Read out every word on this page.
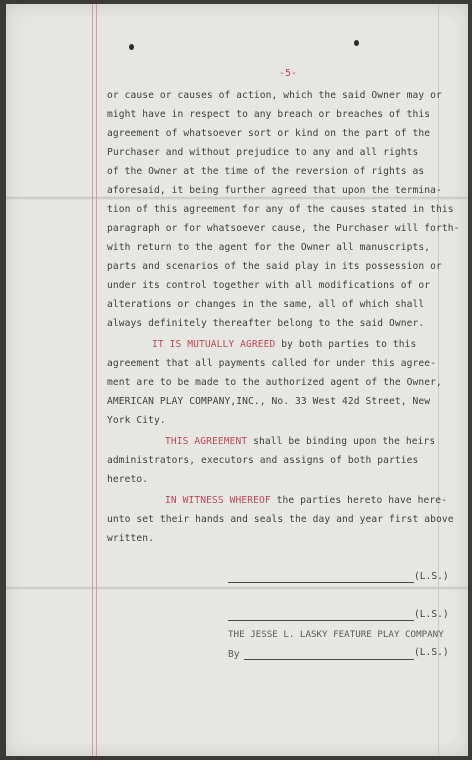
-5-
or cause or causes of action, which the said Owner may or
might have in respect to any breach or breaches of this
agreement of whatsoever sort or kind on the part of the
Purchaser and without prejudice to any and all rights
of the Owner at the time of the reversion of rights as
aforesaid, it being further agreed that upon the termina-
tion of this agreement for any of the causes stated in this
paragraph or for whatsoever cause, the Purchaser will forth-
with return to the agent for the Owner all manuscripts,
parts and scenarios of the said play in its possession or
under its control together with all modifications of or
alterations or changes in the same, all of which shall
always definitely thereafter belong to the said Owner.
IT IS MUTUALLY AGREED by both parties to this
agreement that all payments called for under this agree-
ment are to be made to the authorized agent of the Owner,
AMERICAN PLAY COMPANY,INC., No. 33 West 42d Street, New
York City.
THIS AGREEMENT shall be binding upon the heirs
administrators, executors and assigns of both parties
hereto.
IN WITNESS WHEREOF the parties hereto have here-
unto set their hands and seals the day and year first above
written.
(L.S.)
(L.S.)
THE JESSE L. LASKY FEATURE PLAY COMPANY
By	(L.S.)
